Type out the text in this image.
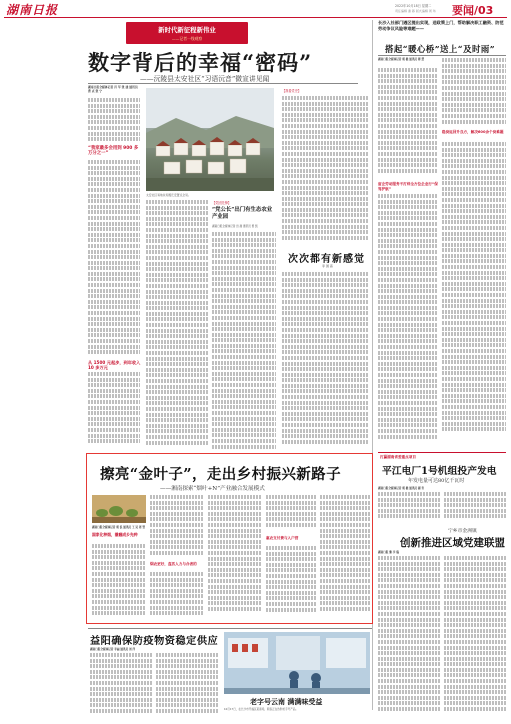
湖南日报	2022年10月18日 星期二
责任编辑 谢 蓉 版式编辑 周 玮 要闻/03
新时代新征程新伟业
——记者一线观察
数字背后的幸福“密码”
——沅陵县太安社区“习语沅音”微宣讲见闻
湖南日报全媒体记者 肖 军 张 建 通讯员 曹 贞 张 宁
“我家最多会用到 900 多万分之一”
从 1500 元起步，到年收入 10 多万元
太安社区易地扶贫搬迁安置点全景。
【党团先锋】
“党公长”出门有生态农业产业园
湖南日报全媒体记者 田 甜 通讯员 曾 凯
【我看党史】
次次都有新感觉
李 国 高
长沙入社部门遇区提出实现，送政策上门，帮助解决职工融资、防范劳动争议风险等难题——
搭起“暖心桥”送上“及时雨”
湖南日报全媒体记者 胡 健 通讯员 谭 慧
留企劳动服务不打烊全方位企业行“保驾护航”
稳岗返回升良方，解决600余个岗难题
擦亮“金叶子”，走出乡村振兴新路子
——湘南探索“烟叶+N”产业融合发展模式
湖南日报全媒体记者 胡 浪 通讯员 王 昊 周 翌
国家化种烟，撬翻成乡先种
烟农更好，盘活入力与合者的
惠农支付费与入户营
打赢湖南省委重点项目
平江电厂1号机组投产发电
年发电量可达80亿千瓦时
湖南日报全媒体记者 胡 健 通讯员 湖 青
宁乡市金洲镇
创新推进区域党建联盟
湖南日报 黎 李 瑞
益阳确保防疫物资稳定供应
湖南日报全媒体记者 李丽 通讯员 刘 洋
老字号云南 满满味受益
10月17日，在长沙市开福区某商场，顾客正在选购老字号产品。
